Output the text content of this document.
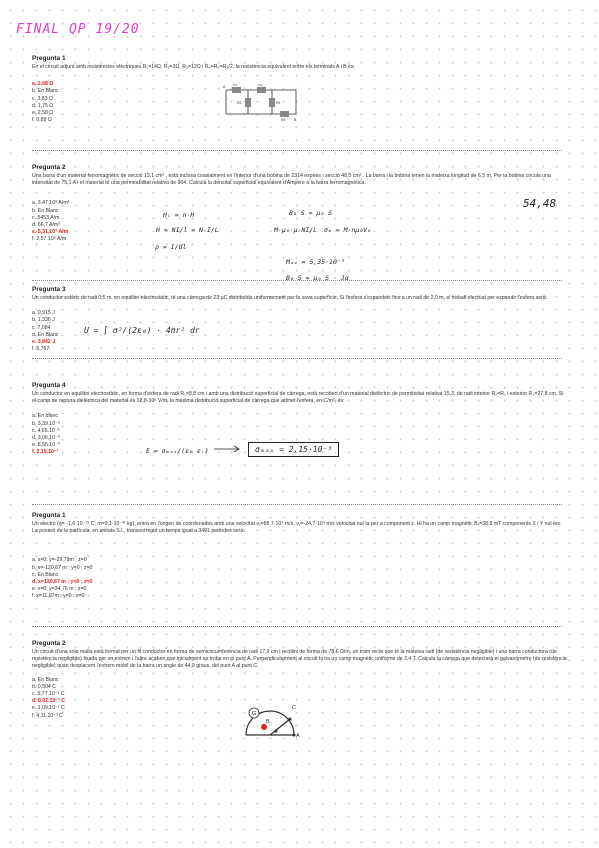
FINAL QP 19/20
Pregunta 1
En el circuit adjunt amb resistències elèctriques R₁=14Ω, R₂=3Ω, R₃=12Ω i R₄=R₅=R₃/2, la resistència equivalent entre els terminals A i B és:
a. 2,68 Ω
b. En Blanc
c. 3,83 Ω
d. 1,75 Ω
e. 2,58 Ω
f. 0,89 Ω
A
B
R1	R2
R3	R4
R5
Pregunta 2
Una barra d'un material ferromagnètic de secció 13,1 cm² , està inclosa coaxialment en l'interior d'una bobina de 2314 espires i secció 48,5 cm² . La barra i la bobina tenen la mateixa longitud de 6,5 m. Per la bobina circula una intensitat de 75,1 A i el material té una permeabilitat relativa de 904. Calcula la densitat superficial equivalent d'Ampère a la barra ferromagnètica.
a. 3,47.10⁸ A/m²
b. En Blanc
c. 5453 A/m
d. 66,7 A/m²
e. 5,31.10⁷ A/m
f. 2,57.10⁶ A/m
Hₗ = n·H
H = NI/l = N·I/L
ρ = I/dl
B₀ S = μ₀ S
M·μ₀·μᵣNI/L σₘ = M·nμ₀V₀
54,48
Mₐₑ = 5,35·10⁻³
B₀ S = μ₀ S · Jα
Pregunta 3
Un conductor esfèric de radi 0,5 m, en equilibri electrostàtic, té una càrrega de 23 μC distribuïda uniformement per la seva superfície. Si l'esfera s'expandeix fins a un radi de 2,0 m, el treball efectuat per expandir l'esfera serà:
a. 0,915 J
b. 1,336 J
c. 7,084
d. En Blanc
e. 3,842 J
f. 5,767
U = ∫ σ²/(2ε₀) · 4πr² dr
Pregunta 4
Un conductor en equilibri electrostàtic, en forma d'esfera de radi R₁=8,8 cm i amb una distribució superficial de càrrega, està recobert d'un material dielèctric de permitivitat relativa 15,3, de radi interior R₂=R₁ i exterior R₃=27,8 cm. Si el camp de ruptura dielèctrica del material és 12,8·10⁶ V/m, la màxima distribució superficial de càrrega que admet l'esfera, en C/m², és:
a. En blanc
b. 3,39.10⁻³
c. 4,65.10⁻³
d. 3,06.10⁻³
e. 8,55.10⁻³
f. 2,15.10⁻³	E = σₘₐₓ/(ε₀ εᵣ)	σₘₐₓ = 2,15·10⁻³
Pregunta 1
Un electró (q= -1,6·10⁻¹⁹ C, m=9,1·10⁻³¹ kg), entra en l'origen de coordenades amb una velocitat vₓ=85,7·10⁴ m/s, vᵧ=-24,7·10⁴ m/s velocitat nul·la per a component z. Hi ha un camp magnètic Bₓ=38,8 mT components X i Y nul·les. La posició de la partícula, en unitats S.I., transcorregut un temps igual a 3491 períodes serà:
a. x=0; y=-29,79m ; z=0
b. x=-120,67 m ; y=0 ; z=0
c. En Blanc
d. x=120,67 m ; y=0 ; z=0
e. x=0; y=34,76 m ; z=0
f. x=11,07m ; y=0 ; z=0
Pregunta 2
Un circuit d'una sola malla està format per un fil conductor en forma de semicircumferència de radi 17,9 cm i rectilini de forma de 78,6 Ω/m, un tram recte que té la mateixa radi (de resistència negligible) i una barra conductora (de resistència negligible) fixada per un extrem i l'altre acaben que inicialment es troba en el punt A. Perpendicularment al circuit hi ha un camp magnètic uniforme de 3,4 T. Calcula la càrrega que detectarà el galvanòmetre (de resistència negligible) quan desplacem l'extrem mobil de la barra un angle de 44,9 graus, del punt A al punt C.
a. En Blanc
b. 0,504 C
c. 5,77.10⁻³ C
d. 8,02.10⁻³ C
e. 1,09.10⁻² C
f. 4,11.10⁻³ C
C
B
A
G
